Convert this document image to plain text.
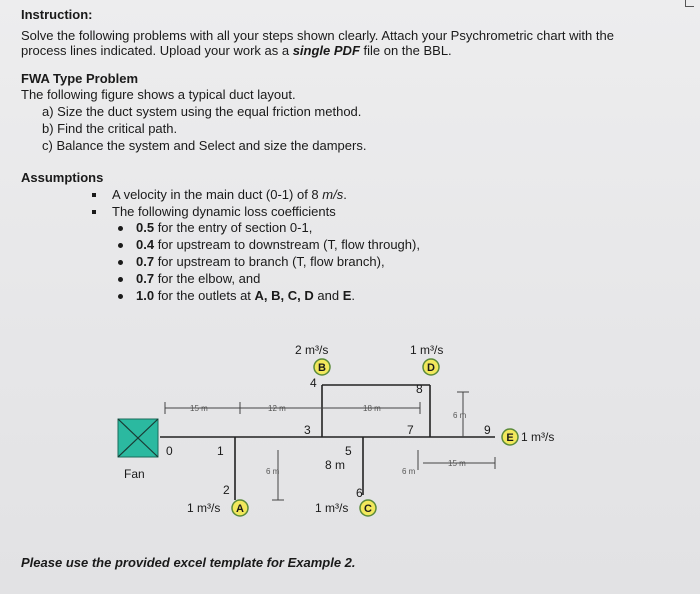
Instruction:
Solve the following problems with all your steps shown clearly. Attach your Psychrometric chart with the
process lines indicated. Upload your work as a single PDF file on the BBL.
FWA Type Problem
The following figure shows a typical duct layout.
a) Size the duct system using the equal friction method.
b) Find the critical path.
c) Balance the system and Select and size the dampers.
Assumptions
A velocity in the main duct (0-1) of 8 m/s.
The following dynamic loss coefficients
0.5 for the entry of section 0-1,
0.4 for upstream to downstream (T, flow through),
0.7 for upstream to branch (T, flow branch),
0.7 for the elbow, and
1.0 for the outlets at A, B, C, D and E.
A
B
C
D
E
1 m³/s
2 m³/s
1 m³/s
1 m³/s
1 m³/s
0	1
2
3
4
5
6
7
8
9
15 m	12 m	18 m
6 m	6 m
6 m
15 m
8 m
Fan
Please use the provided excel template for Example 2.
